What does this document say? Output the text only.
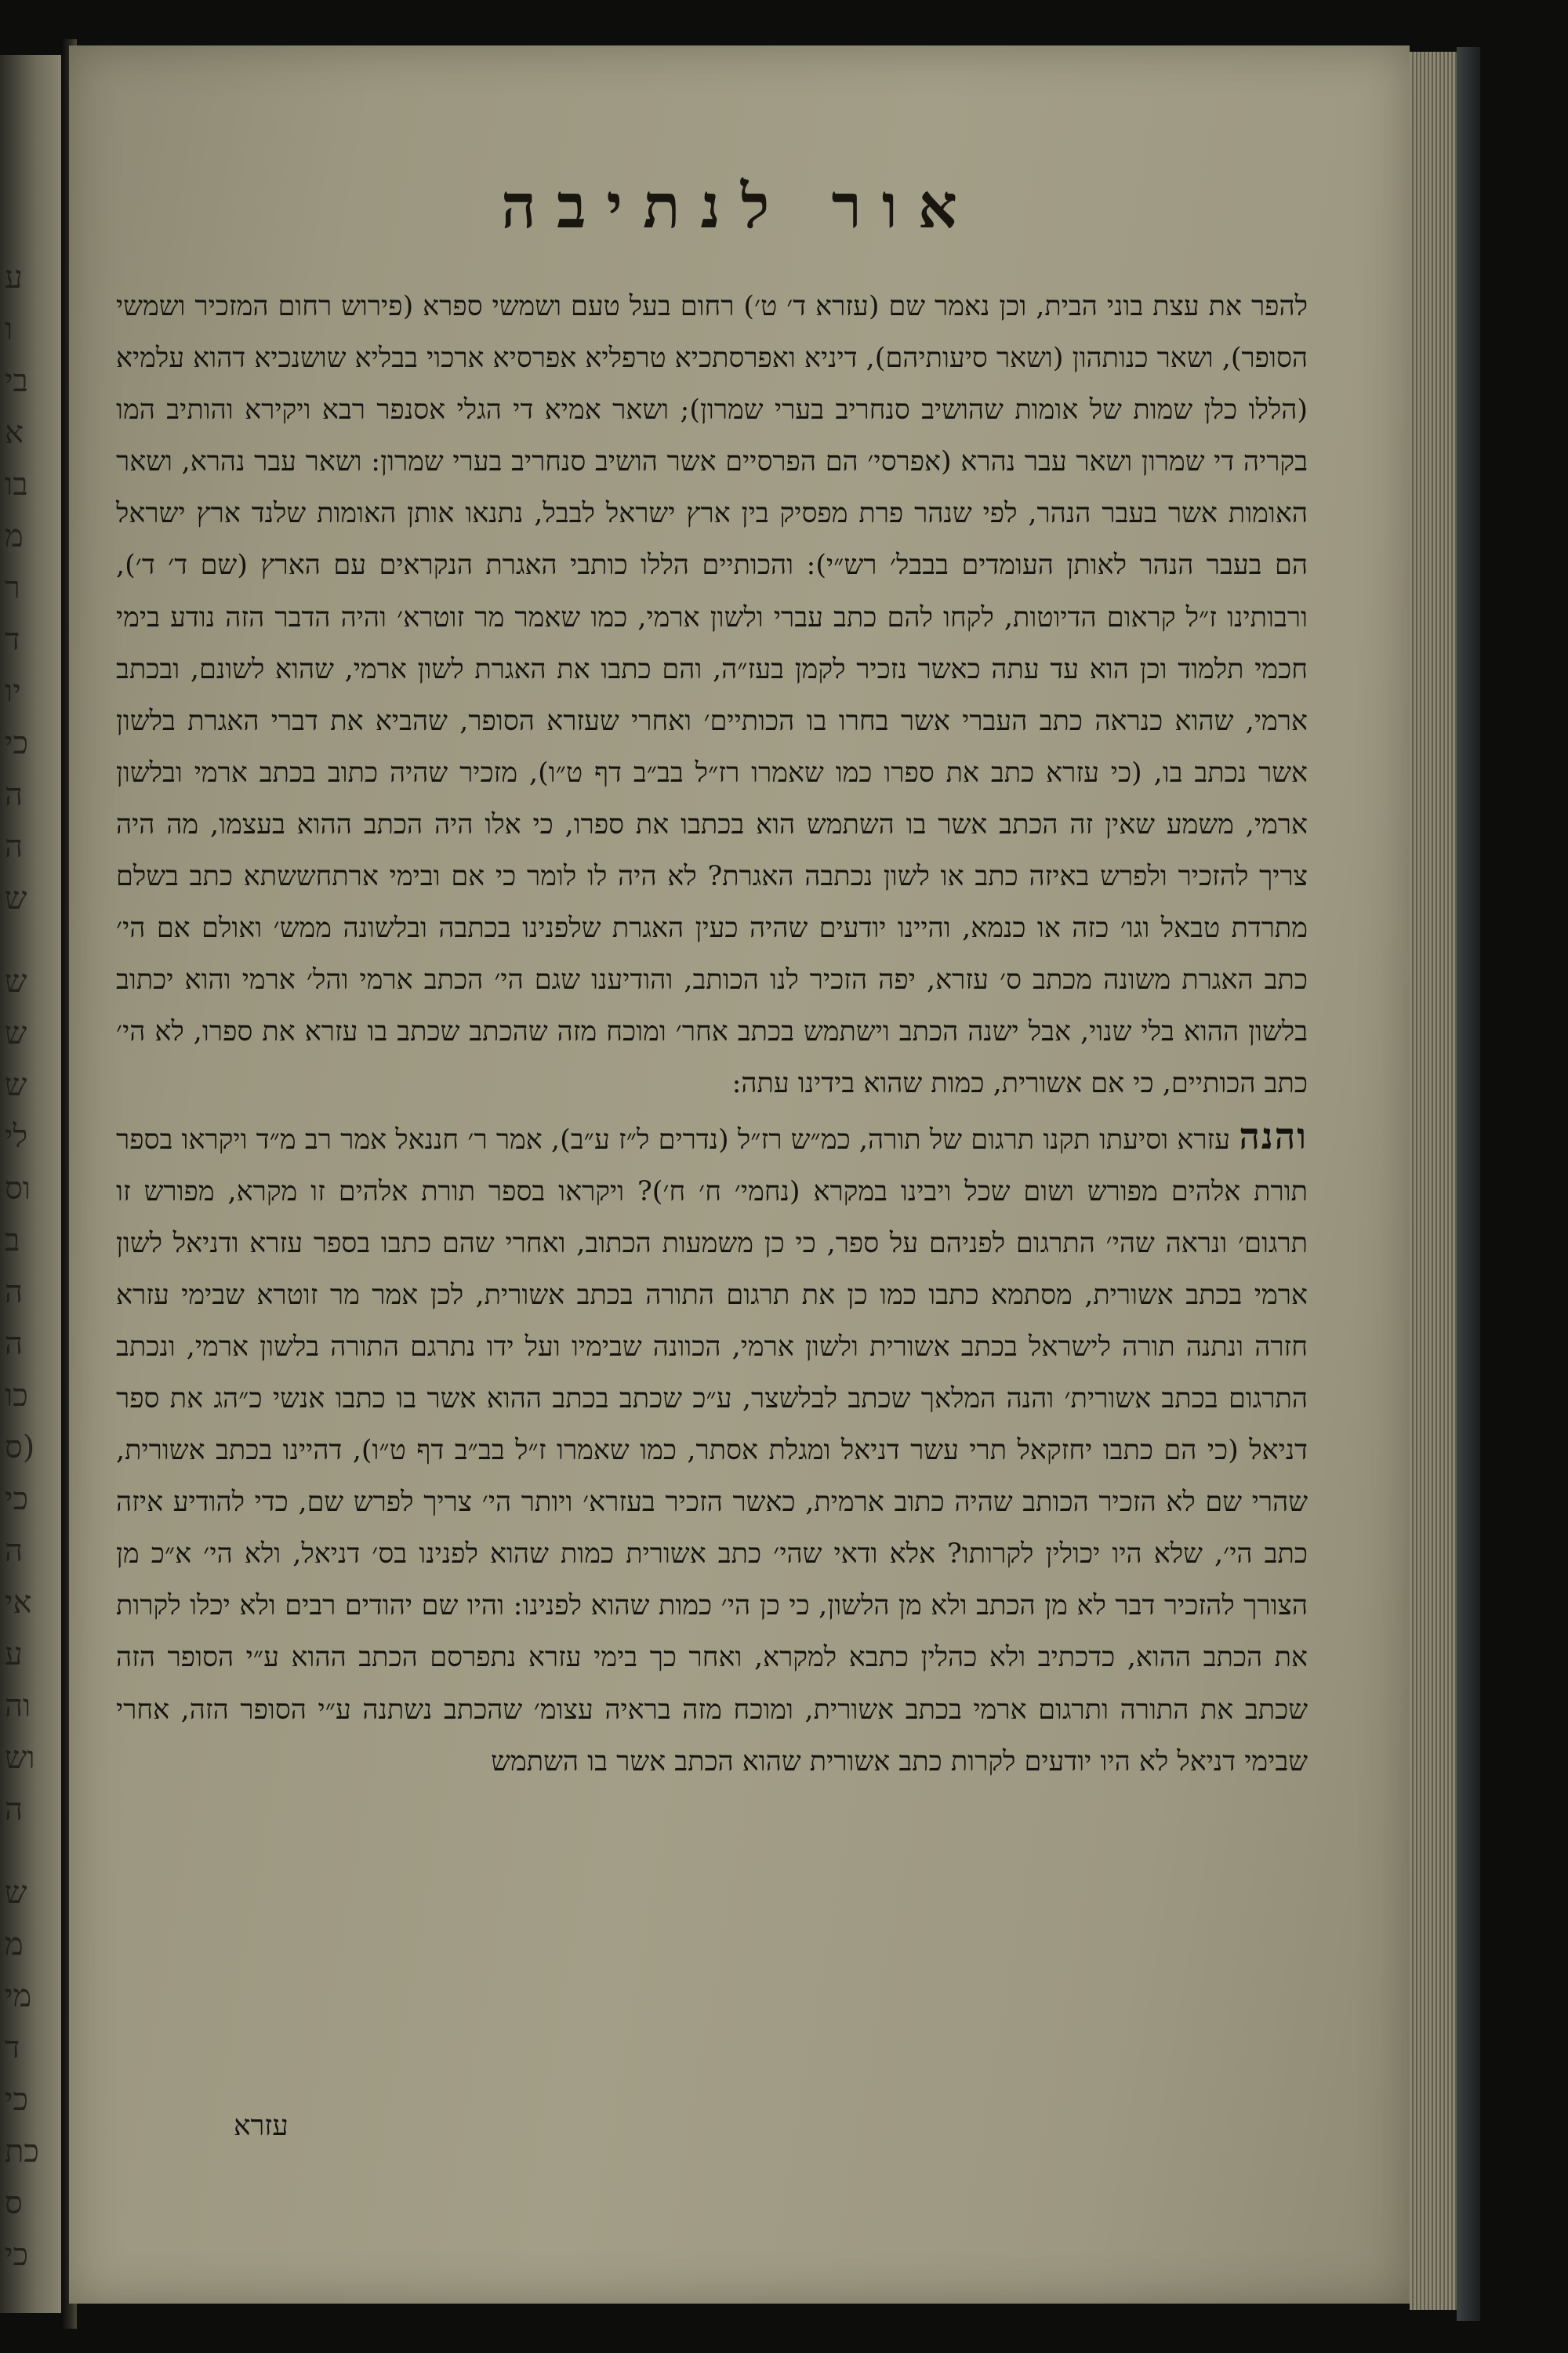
ע
ו
בי
א
בו
מ
ר
ד
יו
כי
ה
ה
ש
ש
ש
ש
לי
וס
ב
ה
ה
כו
(ס
כי
ה
אי
ע
וה
וש
ה
ש
מ
מי
ד
כי
כת
ס
כי
אור לנתיבה

להפר את עצת בוני הבית, וכן נאמר שם (עזרא ד׳ ט׳) רחום בעל טעם ושמשי ספרא (פירוש רחום המזכיר ושמשי הסופר), ושאר כנותהון (ושאר סיעותיהם), דיניא ואפרסתכיא טרפליא אפרסיא ארכוי בבליא שושנכיא דהוא עלמיא (הללו כלן שמות של אומות שהושיב סנחריב בערי שמרון); ושאר אמיא די הגלי אסנפר רבא ויקירא והותיב המו בקריה די שמרון ושאר עבר נהרא (אפרסי׳ הם הפרסיים אשר הושיב סנחריב בערי שמרון: ושאר עבר נהרא, ושאר האומות אשר בעבר הנהר, לפי שנהר פרת מפסיק בין ארץ ישראל לבבל, נתנאו אותן האומות שלנד ארץ ישראל הם בעבר הנהר לאותן העומדים בבבל׳ רש״י): והכותיים הללו כותבי האגרת הנקראים עם הארץ (שם ד׳ ד׳), ורבותינו ז״ל קראום הדיוטות, לקחו להם כתב עברי ולשון ארמי, כמו שאמר מר זוטרא׳ והיה הדבר הזה נודע בימי חכמי תלמוד וכן הוא עד עתה כאשר נזכיר לקמן בעז״ה, והם כתבו את האגרת לשון ארמי, שהוא לשונם, ובכתב ארמי, שהוא כנראה כתב העברי אשר בחרו בו הכותיים׳ ואחרי שעזרא הסופר, שהביא את דברי האגרת בלשון אשר נכתב בו, (כי עזרא כתב את ספרו כמו שאמרו רז״ל בב״ב דף ט״ו), מזכיר שהיה כתוב בכתב ארמי ובלשון ארמי, משמע שאין זה הכתב אשר בו השתמש הוא בכתבו את ספרו, כי אלו היה הכתב ההוא בעצמו, מה היה צריך להזכיר ולפרש באיזה כתב או לשון נכתבה האגרת? לא היה לו לומר כי אם ובימי ארתחששתא כתב בשלם מתרדת טבאל וגו׳ כזה או כנמא, והיינו יודעים שהיה כעין האגרת שלפנינו בכתבה ובלשונה ממש׳ ואולם אם הי׳ כתב האגרת משונה מכתב ס׳ עזרא, יפה הזכיר לנו הכותב, והודיענו שגם הי׳ הכתב ארמי והל׳ ארמי והוא יכתוב בלשון ההוא בלי שנוי, אבל ישנה הכתב וישתמש בכתב אחר׳ ומוכח מזה שהכתב שכתב בו עזרא את ספרו, לא הי׳ כתב הכותיים, כי אם אשורית, כמות שהוא בידינו עתה:

והנה עזרא וסיעתו תקנו תרגום של תורה, כמ״ש רז״ל (נדרים ל״ז ע״ב), אמר ר׳ חננאל אמר רב מ״ד ויקראו בספר תורת אלהים מפורש ושום שכל ויבינו במקרא (נחמי׳ ח׳ ח׳)? ויקראו בספר תורת אלהים זו מקרא, מפורש זו תרגום׳ ונראה שהי׳ התרגום לפניהם על ספר, כי כן משמעות הכתוב, ואחרי שהם כתבו בספר עזרא ודניאל לשון ארמי בכתב אשורית, מסתמא כתבו כמו כן את תרגום התורה בכתב אשורית, לכן אמר מר זוטרא שבימי עזרא חזרה ונתנה תורה לישראל בכתב אשורית ולשון ארמי, הכוונה שבימיו ועל ידו נתרגם התורה בלשון ארמי, ונכתב התרגום בכתב אשורית׳ והנה המלאך שכתב לבלשצר, ע״כ שכתב בכתב ההוא אשר בו כתבו אנשי כ״הג את ספר דניאל (כי הם כתבו יחזקאל תרי עשר דניאל ומגלת אסתר, כמו שאמרו ז״ל בב״ב דף ט״ו), דהיינו בכתב אשורית, שהרי שם לא הזכיר הכותב שהיה כתוב ארמית, כאשר הזכיר בעזרא׳ ויותר הי׳ צריך לפרש שם, כדי להודיע איזה כתב הי׳, שלא היו יכולין לקרותו? אלא ודאי שהי׳ כתב אשורית כמות שהוא לפנינו בס׳ דניאל, ולא הי׳ א״כ מן הצורך להזכיר דבר לא מן הכתב ולא מן הלשון, כי כן הי׳ כמות שהוא לפנינו: והיו שם יהודים רבים ולא יכלו לקרות את הכתב ההוא, כדכתיב ולא כהלין כתבא למקרא, ואחר כך בימי עזרא נתפרסם הכתב ההוא ע״י הסופר הזה שכתב את התורה ותרגום ארמי בכתב אשורית, ומוכח מזה בראיה עצומ׳ שהכתב נשתנה ע״י הסופר הזה, אחרי שבימי דניאל לא היו יודעים לקרות כתב אשורית שהוא הכתב אשר בו השתמש

עזרא
